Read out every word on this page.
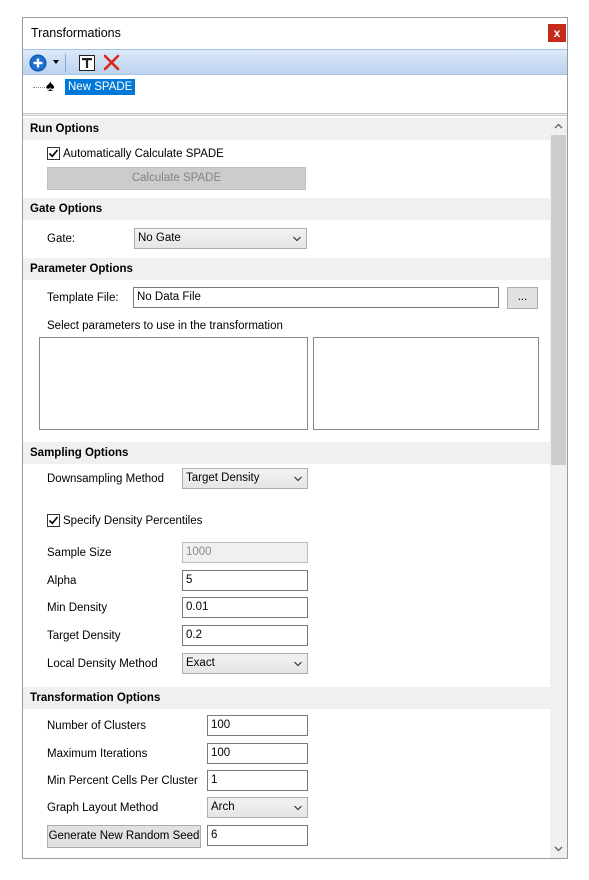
Transformations	x
♠ New SPADE
Run Options
Automatically Calculate SPADE
Calculate SPADE
Gate Options
Gate:	No Gate
Parameter Options
Template File:	No Data File	...
Select parameters to use in the transformation
Sampling Options
Downsampling Method	Target Density
Specify Density Percentiles
Sample Size	1000
Alpha	5
Min Density	0.01
Target Density	0.2
Local Density Method	Exact
Transformation Options
Number of Clusters	100
Maximum Iterations	100
Min Percent Cells Per Cluster	1
Graph Layout Method	Arch
Generate New Random Seed	6
